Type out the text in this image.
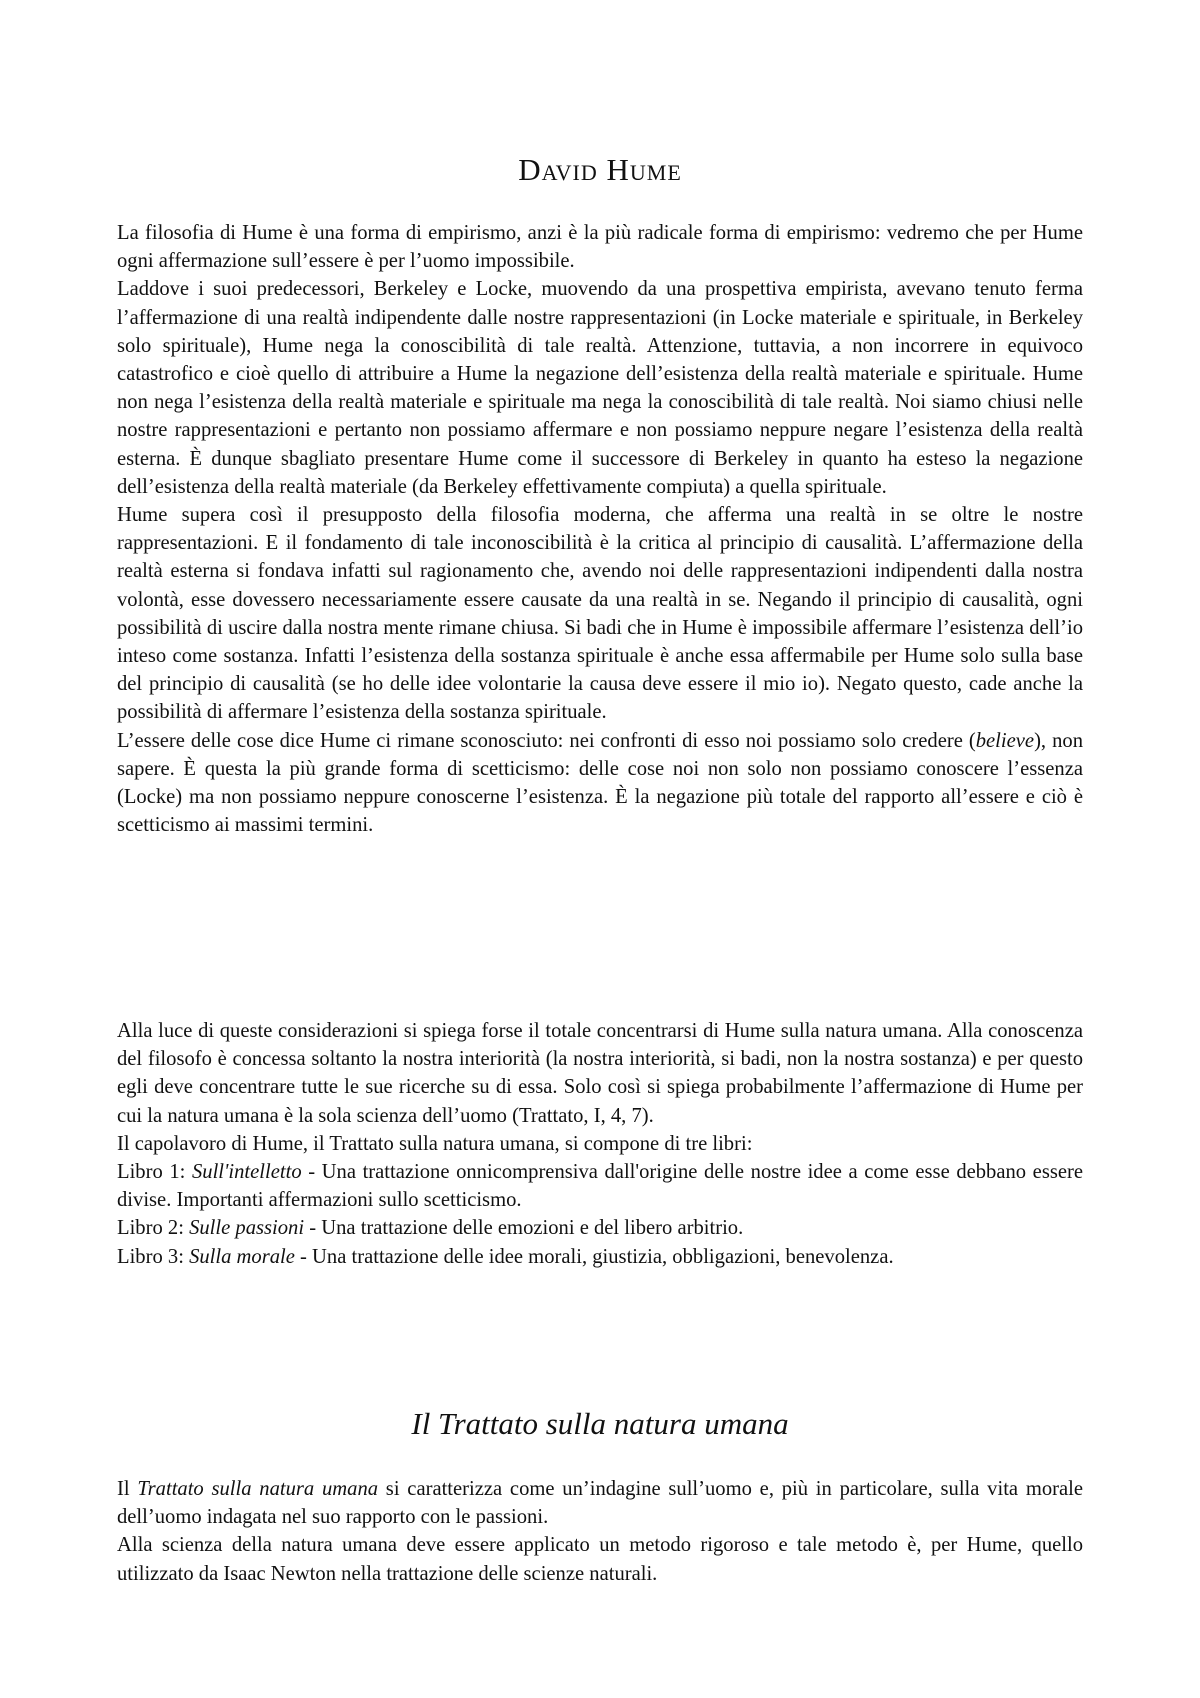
David Hume

La filosofia di Hume è una forma di empirismo, anzi è la più radicale forma di empirismo: vedremo che per Hume ogni affermazione sull’essere è per l’uomo impossibile.

Laddove i suoi predecessori, Berkeley e Locke, muovendo da una prospettiva empirista, avevano tenuto ferma l’affermazione di una realtà indipendente dalle nostre rappresentazioni (in Locke materiale e spirituale, in Berkeley solo spirituale), Hume nega la conoscibilità di tale realtà. Attenzione, tuttavia, a non incorrere in equivoco catastrofico e cioè quello di attribuire a Hume la negazione dell’esistenza della realtà materiale e spirituale. Hume non nega l’esistenza della realtà materiale e spirituale ma nega la conoscibilità di tale realtà. Noi siamo chiusi nelle nostre rappresentazioni e pertanto non possiamo affermare e non possiamo neppure negare l’esistenza della realtà esterna. È dunque sbagliato presentare Hume come il successore di Berkeley in quanto ha esteso la negazione dell’esistenza della realtà materiale (da Berkeley effettivamente compiuta) a quella spirituale.

Hume supera così il presupposto della filosofia moderna, che afferma una realtà in se oltre le nostre rappresentazioni. E il fondamento di tale inconoscibilità è la critica al principio di causalità. L’affermazione della realtà esterna si fondava infatti sul ragionamento che, avendo noi delle rappresentazioni indipendenti dalla nostra volontà, esse dovessero necessariamente essere causate da una realtà in se. Negando il principio di causalità, ogni possibilità di uscire dalla nostra mente rimane chiusa. Si badi che in Hume è impossibile affermare l’esistenza dell’io inteso come sostanza. Infatti l’esistenza della sostanza spirituale è anche essa affermabile per Hume solo sulla base del principio di causalità (se ho delle idee volontarie la causa deve essere il mio io). Negato questo, cade anche la possibilità di affermare l’esistenza della sostanza spirituale.

L’essere delle cose dice Hume ci rimane sconosciuto: nei confronti di esso noi possiamo solo credere (believe), non sapere. È questa la più grande forma di scetticismo: delle cose noi non solo non possiamo conoscere l’essenza (Locke) ma non possiamo neppure conoscerne l’esistenza. È la negazione più totale del rapporto all’essere e ciò è scetticismo ai massimi termini.

Alla luce di queste considerazioni si spiega forse il totale concentrarsi di Hume sulla natura umana. Alla conoscenza del filosofo è concessa soltanto la nostra interiorità (la nostra interiorità, si badi, non la nostra sostanza) e per questo egli deve concentrare tutte le sue ricerche su di essa. Solo così si spiega probabilmente l’affermazione di Hume per cui la natura umana è la sola scienza dell’uomo (Trattato, I, 4, 7).

Il capolavoro di Hume, il Trattato sulla natura umana, si compone di tre libri:

Libro 1: Sull'intelletto - Una trattazione onnicomprensiva dall'origine delle nostre idee a come esse debbano essere divise. Importanti affermazioni sullo scetticismo.

Libro 2: Sulle passioni - Una trattazione delle emozioni e del libero arbitrio.
Libro 3: Sulla morale - Una trattazione delle idee morali, giustizia, obbligazioni, benevolenza.
Il Trattato sulla natura umana

Il Trattato sulla natura umana si caratterizza come un’indagine sull’uomo e, più in particolare, sulla vita morale dell’uomo indagata nel suo rapporto con le passioni.

Alla scienza della natura umana deve essere applicato un metodo rigoroso e tale metodo è, per Hume, quello utilizzato da Isaac Newton nella trattazione delle scienze naturali.
